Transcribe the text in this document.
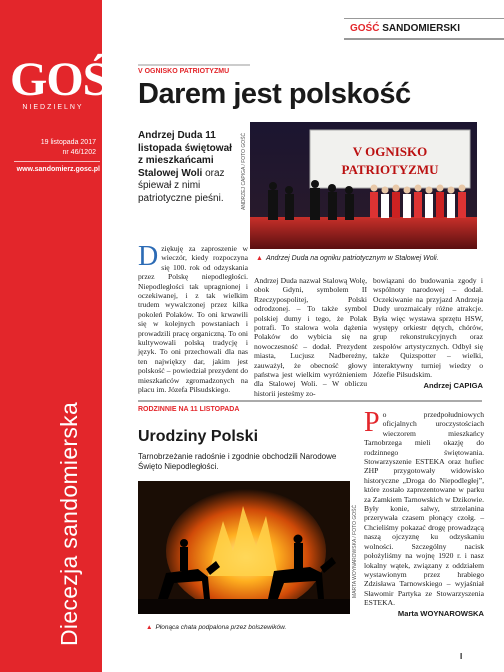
GOŚĆ
NIEDZIELNY
19 listopada 2017
nr 46/1202
www.sandomierz.gosc.pl
Diecezja sandomierska
GOŚĆ SANDOMIERSKI
V OGNISKO PATRIOTYZMU
Darem jest polskość
Andrzej Duda 11 listopada świętował z mieszkańcami Stalowej Woli oraz śpiewał z nimi patriotyczne pieśni.	ANDRZEJ CAPIGA / FOTO GOŚĆ	V OGNISKO
PATRIOTYZMU
▲ Andrzej Duda na ogniku patriotycznym w Stalowej Woli.
D ziękuję za zaproszenie w wieczór, kiedy rozpoczyna się 100. rok od odzyskania przez Polskę niepodległości. Niepodległości tak upragnionej i oczekiwanej, i z tak wielkim trudem wywalczonej przez kilka pokoleń Polaków. To oni krwawili się w kolejnych powstaniach i prowadzili pracę organiczną. To oni kultywowali polską tradycję i język. To oni przechowali dla nas ten najwiękzy dar, jakim jest polskość – powiedział prezydent do mieszkańców zgromadzonych na placu im. Józefa Piłsudskiego.

Andrzej Duda nazwał Stalową Wolę, obok Gdyni, symbolem II Rzeczypospolitej, Polski odrodzonej. – To także symbol polskiej dumy i tego, że Polak potrafi. To stalowa wola dążenia Polaków do wybicia się na nowoczesność – dodał. Prezydent miasta, Lucjusz Nadbereżny, zauważył, że obecność głowy państwa jest wielkim wyróżnieniem dla Stalowej Woli. – W obliczu historii jesteśmy zo-

bowiązani do budowania zgody i wspólnoty narodowej – dodał. Oczekiwanie na przyjazd Andrzeja Dudy urozmaicały różne atrakcje. Była więc wystawa sprzętu HSW, występy orkiestr dętych, chórów, grup rekonstrukcyjnych oraz zespołów artystycznych. Odbył się także Quizspotter – wielki, interaktywny turniej wiedzy o Józefie Piłsudskim.

Andrzej CAPIGA

RODZINNIE NA 11 LISTOPADA
Urodziny Polski
Tarnobrzeżanie radośnie i zgodnie obchodzili Narodowe Święto Niepodległości.
MARTA WOYNAROWSKA / FOTO GOŚĆ
▲ Płonąca chata podpalona przez bolszewików.
P o przedpołudniowych oficjalnych uroczystościach wieczorem mieszkańcy Tarnobrzega mieli okazję do rodzinnego świętowania. Stowarzyszenie ESTEKA oraz hufiec ZHP przygotowały widowisko historyczne „Droga do Niepodległej”, które zostało zaprezentowane w parku za Zamkiem Tarnowskich w Dzikowie. Były konie, salwy, strzelanina przerywała czasem płonący czołg. – Chcieliśmy pokazać drogę prowadzącą naszą ojczyznę ku odzyskaniu wolności. Szczególny nacisk położyliśmy na wojnę 1920 r. i nasz lokalny wątek, związany z oddziałem wystawionym przez hrabiego Zdzisława Tarnowskiego – wyjaśniał Sławomir Partyka ze Stowarzyszenia ESTEKA.

Marta WOYNAROWSKA

I
